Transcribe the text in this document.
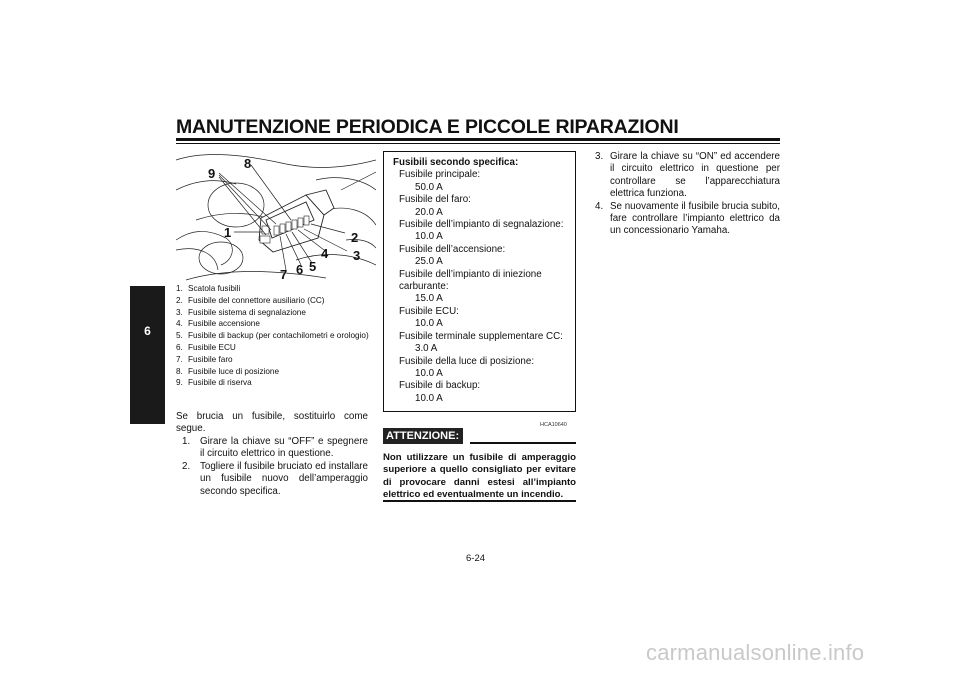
MANUTENZIONE PERIODICA E PICCOLE RIPARAZIONI
6
9
8
1	2
3
4
5
6
7
1. Scatola fusibili
2. Fusibile del connettore ausiliario (CC)
3. Fusibile sistema di segnalazione
4. Fusibile accensione
5. Fusibile di backup (per contachilometri e orologio)
6. Fusibile ECU
7. Fusibile faro
8. Fusibile luce di posizione
9. Fusibile di riserva
Se brucia un fusibile, sostituirlo come segue.
1.	Girare la chiave su “OFF” e spegnere il circuito elettrico in questione.
2.	Togliere il fusibile bruciato ed installare un fusibile nuovo dell’amperaggio secondo specifica.
Fusibili secondo specifica:
Fusibile principale:
50.0 A
Fusibile del faro:
20.0 A
Fusibile dell’impianto di segnalazione:
10.0 A
Fusibile dell’accensione:
25.0 A
Fusibile dell’impianto di iniezione carburante:
15.0 A
Fusibile ECU:
10.0 A
Fusibile terminale supplementare CC:
3.0 A
Fusibile della luce di posizione:
10.0 A
Fusibile di backup:
10.0 A
HCA10640
ATTENZIONE:
Non utilizzare un fusibile di amperaggio superiore a quello consigliato per evitare di provocare danni estesi all’impianto elettrico ed eventualmente un incendio.
3. Girare la chiave su “ON” ed accendere il circuito elettrico in questione per controllare se l’apparecchiatura elettrica funziona.
4. Se nuovamente il fusibile brucia subito, fare controllare l’impianto elettrico da un concessionario Yamaha.
6-24
carmanualsonline.info
